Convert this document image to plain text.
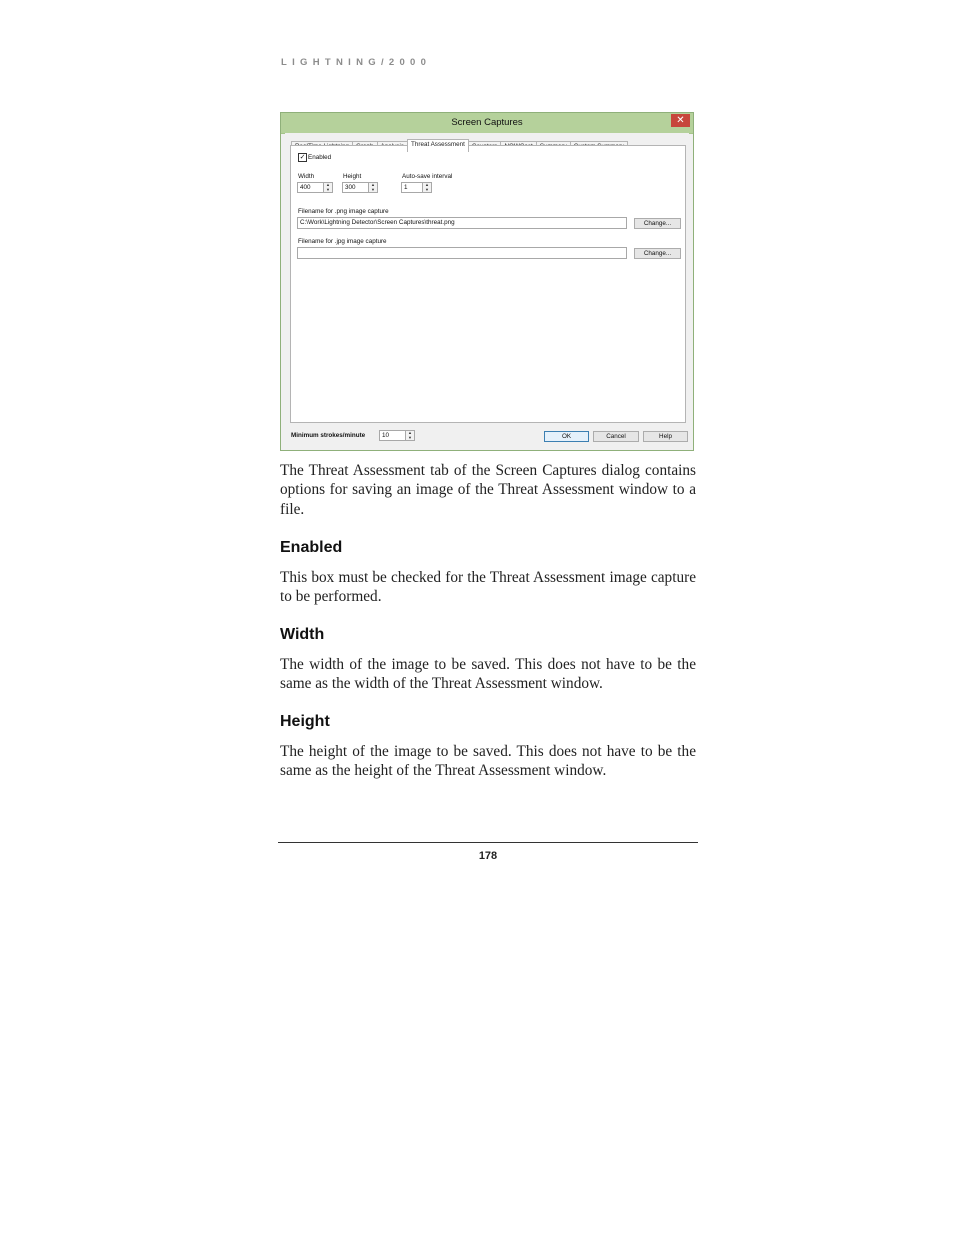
LIGHTNING/2000
Screen Captures	✕
Threat Assessment
✓ Enabled
Width
400	▲
▼
Height
300	▲
▼
Auto-save interval
1	▲
▼
Filename for .png image capture
C:\Work\Lightning Detector\Screen Captures\threat.png	Change...
Filename for .jpg image capture
Change...
Minimum strokes/minute	10	▲
▼	OK	Cancel	Help

The Threat Assessment tab of the Screen Captures dialog contains options for saving an image of the Threat Assessment window to a file.

Enabled

This box must be checked for the Threat Assessment image capture to be performed.

Width

The width of the image to be saved. This does not have to be the same as the width of the Threat Assessment window.

Height

The height of the image to be saved. This does not have to be the same as the height of the Threat Assessment window.

178
